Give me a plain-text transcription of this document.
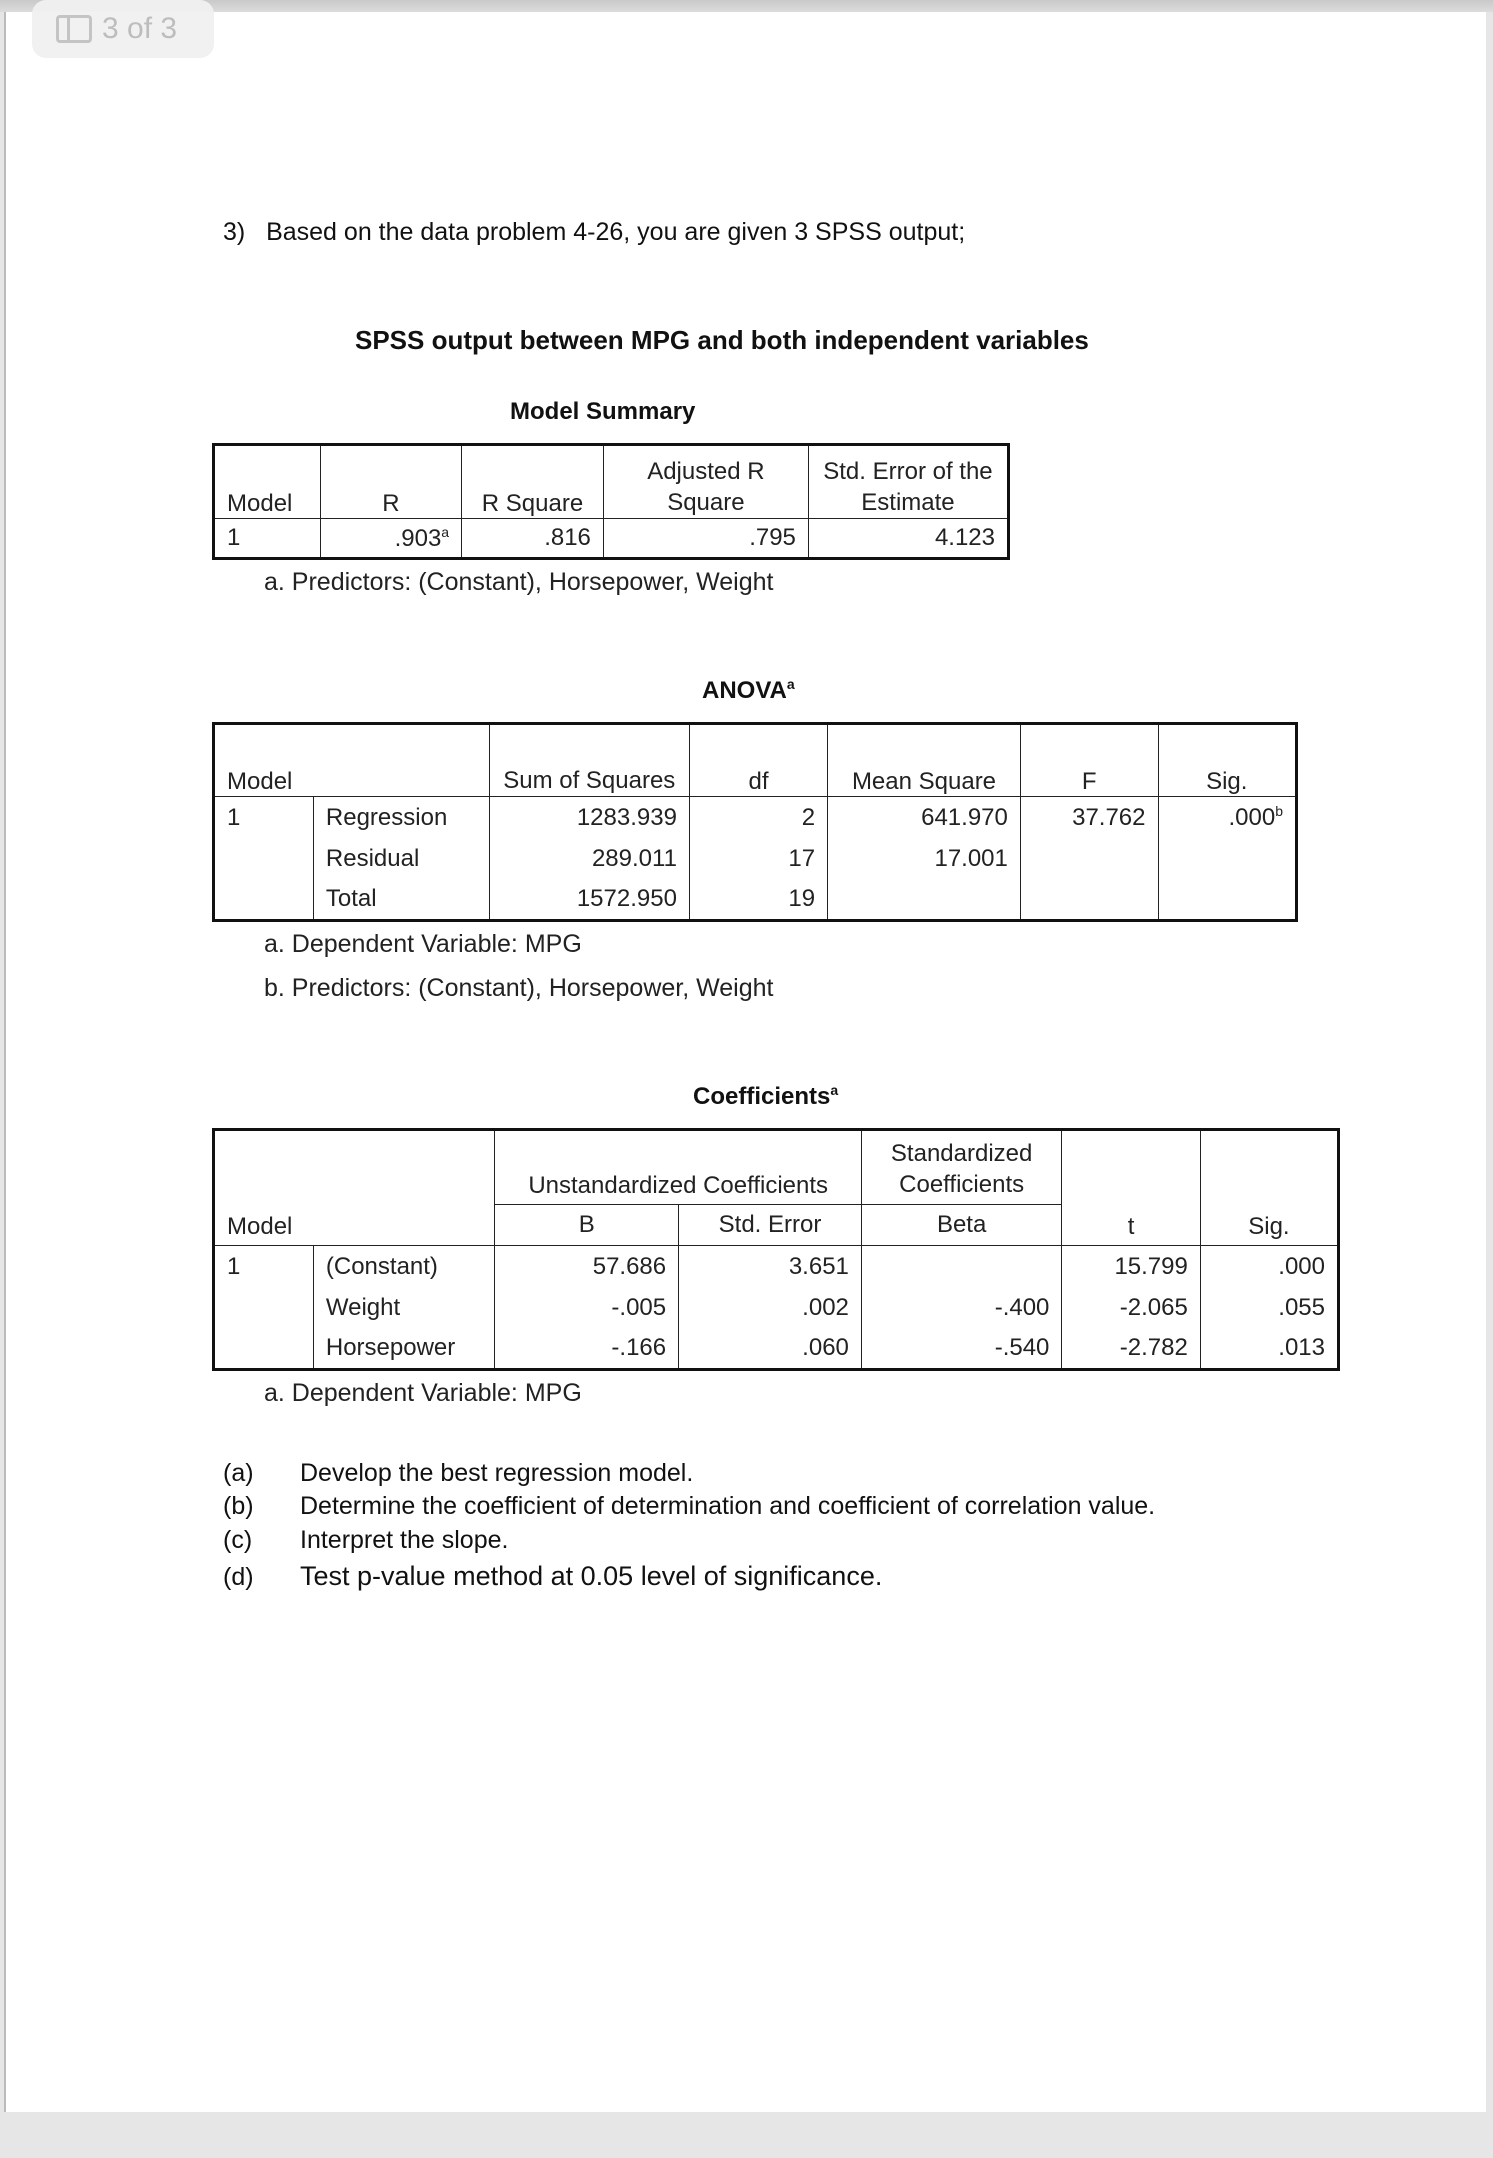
3 of 3
3) Based on the data problem 4-26, you are given 3 SPSS output;
SPSS output between MPG and both independent variables
Model Summary
Model	R	R Square	Adjusted R Square	Std. Error of the Estimate
1	.903$^a$	.816	.795	4.123
a. Predictors: (Constant), Horsepower, Weight
ANOVA$^a$
Model		Sum of Squares	df	Mean Square	F	Sig.
1	Regression	1283.939	2	641.970	37.762	.000$^b$
	Residual	289.011	17	17.001		
	Total	1572.950	19			
a. Dependent Variable: MPG
b. Predictors: (Constant), Horsepower, Weight
Coefficients$^a$
Model		Unstandardized Coefficients		Standardized Coefficients	t	Sig.
		B	Std. Error	Beta		
1	(Constant)	57.686	3.651		15.799	.000
	Weight	-.005	.002	-.400	-2.065	.055
	Horsepower	-.166	.060	-.540	-2.782	.013
a. Dependent Variable: MPG
(a) Develop the best regression model.
(b) Determine the coefficient of determination and coefficient of correlation value.
(c) Interpret the slope.
(d) Test p-value method at 0.05 level of significance.
